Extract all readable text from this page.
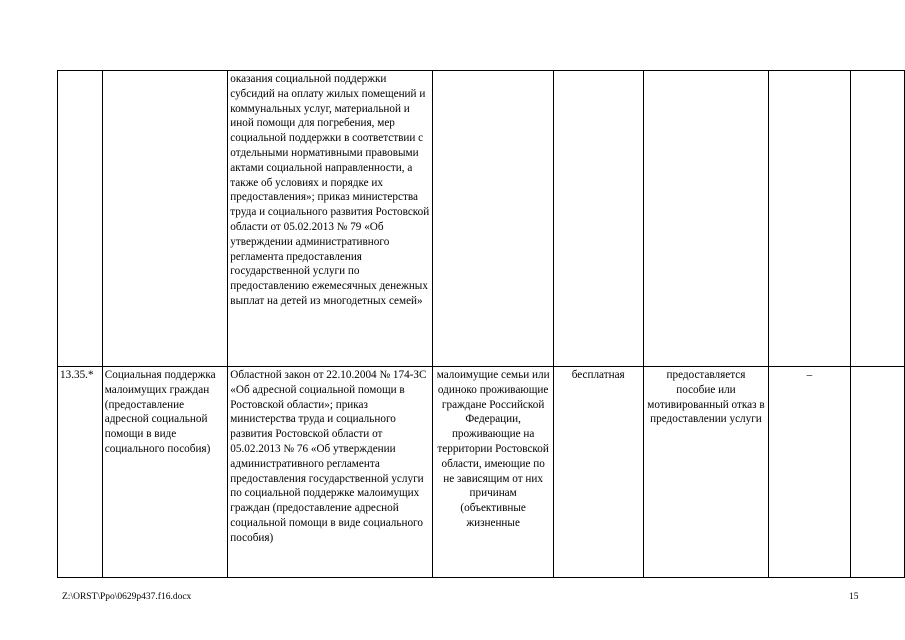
		оказания социальной поддержки субсидий на оплату жилых помещений и коммунальных услуг, материальной и иной помощи для погребения, мер социальной поддержки в соответствии с отдельными нормативными правовыми актами социальной направленности, а также об условиях и порядке их предоставления»; приказ министерства труда и социального развития Ростовской области от 05.02.2013 № 79 «Об утверждении административного регламента предоставления государственной услуги по предоставлению ежемесячных денежных выплат на детей из многодетных семей»					
13.35.*	Социальная поддержка малоимущих граждан (предоставление адресной социальной помощи в виде социального пособия)	Областной закон от 22.10.2004 № 174-ЗС «Об адресной социальной помощи в Ростовской области»; приказ министерства труда и социального развития Ростовской области от 05.02.2013 № 76 «Об утверждении административного регламента предоставления государственной услуги по социальной поддержке малоимущих граждан (предоставление адресной социальной помощи в виде социального пособия)	малоимущие семьи или одиноко проживающие граждане Российской Федерации, проживающие на территории Ростовской области, имеющие по не зависящим от них причинам (объективные жизненные	бесплатная	предоставляется пособие или мотивированный отказ в предоставлении услуги	–	
Z:\ORST\Ppo\0629p437.f16.docx	15
